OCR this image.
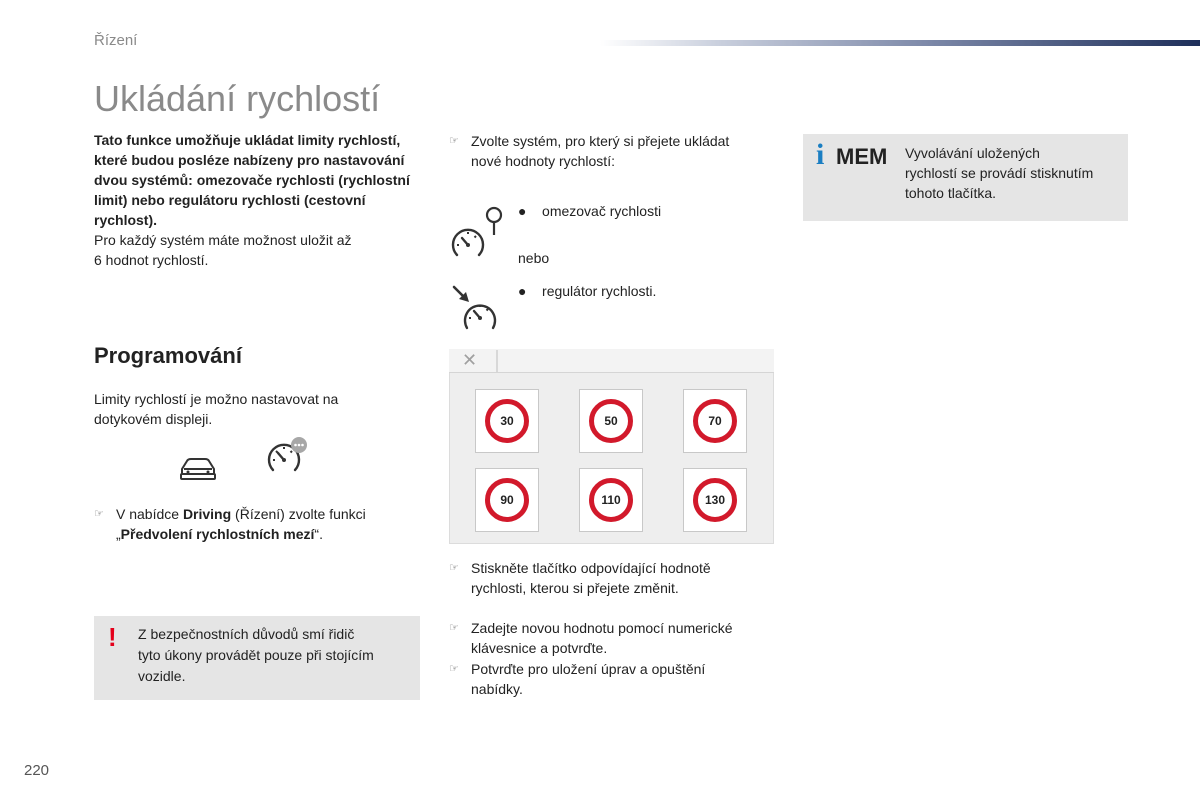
Řízení
Ukládání rychlostí
Tato funkce umožňuje ukládat limity rychlostí, které budou posléze nabízeny pro nastavování dvou systémů: omezovače rychlosti (rychlostní limit) nebo regulátoru rychlosti (cestovní rychlost).
Pro každý systém máte možnost uložit až
6 hodnot rychlostí.
Programování
Limity rychlostí je možno nastavovat na
dotykovém displeji.
☞ V nabídce Driving (Řízení) zvolte funkci
„Předvolení rychlostních mezí“.
! Z bezpečnostních důvodů smí řidič
tyto úkony provádět pouze při stojícím
vozidle.
☞ Zvolte systém, pro který si přejete ukládat
nové hodnoty rychlostí:
● omezovač rychlosti
nebo
● regulátor rychlosti.
✕
30	50	70
90	110	130
☞ Stiskněte tlačítko odpovídající hodnotě
rychlosti, kterou si přejete změnit.
☞ Zadejte novou hodnotu pomocí numerické
klávesnice a potvrďte.
☞ Potvrďte pro uložení úprav a opuštění
nabídky.
i MEM Vyvolávání uložených
rychlostí se provádí stisknutím
tohoto tlačítka.
220
